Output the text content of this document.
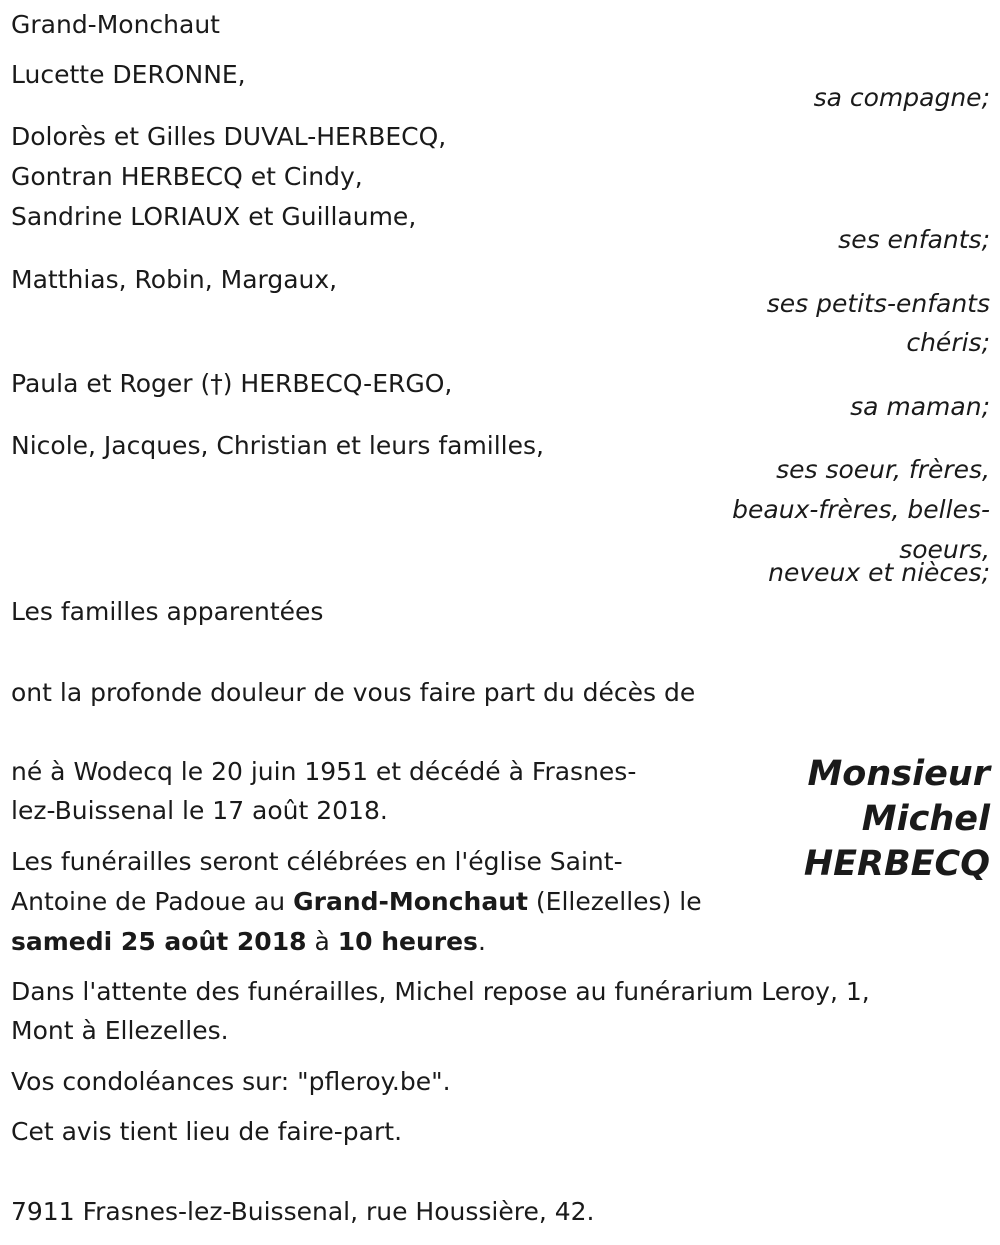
Grand-Monchaut
Lucette DERONNE,
sa compagne;
Dolorès et Gilles DUVAL-HERBECQ,
Gontran HERBECQ et Cindy,
Sandrine LORIAUX et Guillaume,
ses enfants;
Matthias, Robin, Margaux,
ses petits-enfants
chéris;
Paula et Roger (†) HERBECQ-ERGO,
sa maman;
Nicole, Jacques, Christian et leurs familles,
ses soeur, frères,
beaux-frères, belles-
soeurs,
neveux et nièces;
Les familles apparentées
ont la profonde douleur de vous faire part du décès de
Monsieur
Michel
HERBECQ
né à Wodecq le 20 juin 1951 et décédé à Frasnes-
lez-Buissenal le 17 août 2018.
Les funérailles seront célébrées en l'église Saint-
Antoine de Padoue au Grand-Monchaut (Ellezelles) le
samedi 25 août 2018 à 10 heures.
Dans l'attente des funérailles, Michel repose au funérarium Leroy, 1,
Mont à Ellezelles.
Vos condoléances sur: "pfleroy.be".
Cet avis tient lieu de faire-part.
7911 Frasnes-lez-Buissenal, rue Houssière, 42.
